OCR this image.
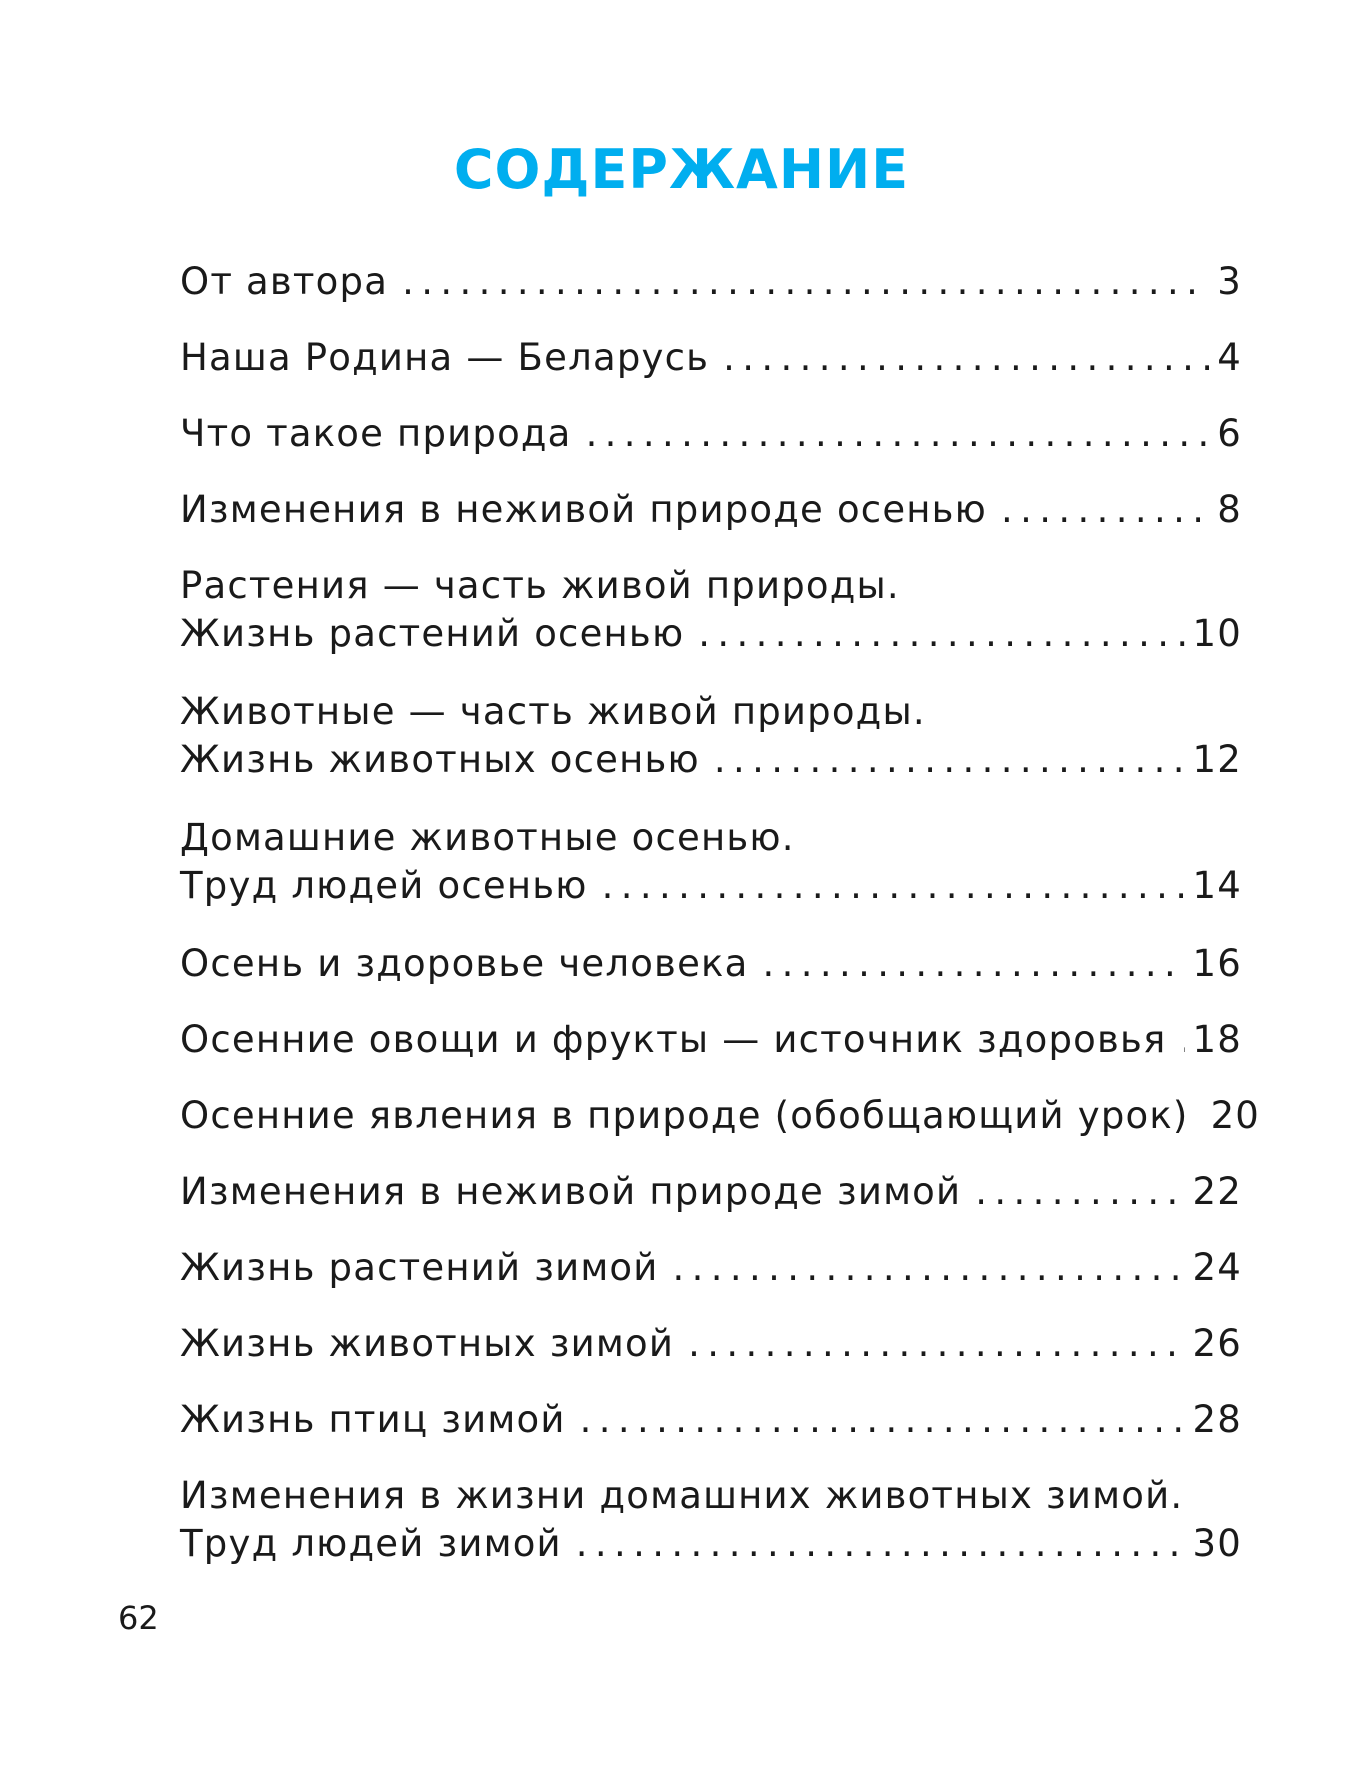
СОДЕРЖАНИЕ
От автора . . .	3
Наша Родина — Беларусь . . .	4
Что такое природа . . .	6
Изменения в неживой природе осенью . . .	8
Растения — часть живой природы.
Жизнь растений осенью . . .	10
Животные — часть живой природы.
Жизнь животных осенью . . .	12
Домашние животные осенью.
Труд людей осенью . . .	14
Осень и здоровье человека . . .	16
Осенние овощи и фрукты — источник здоровья . . . 18
Осенние явления в природе (обобщающий урок) 20
Изменения в неживой природе зимой . . .	22
Жизнь растений зимой . . .	24
Жизнь животных зимой . . .	26
Жизнь птиц зимой . . .	28
Изменения в жизни домашних животных зимой.
Труд людей зимой . . .	30
62
